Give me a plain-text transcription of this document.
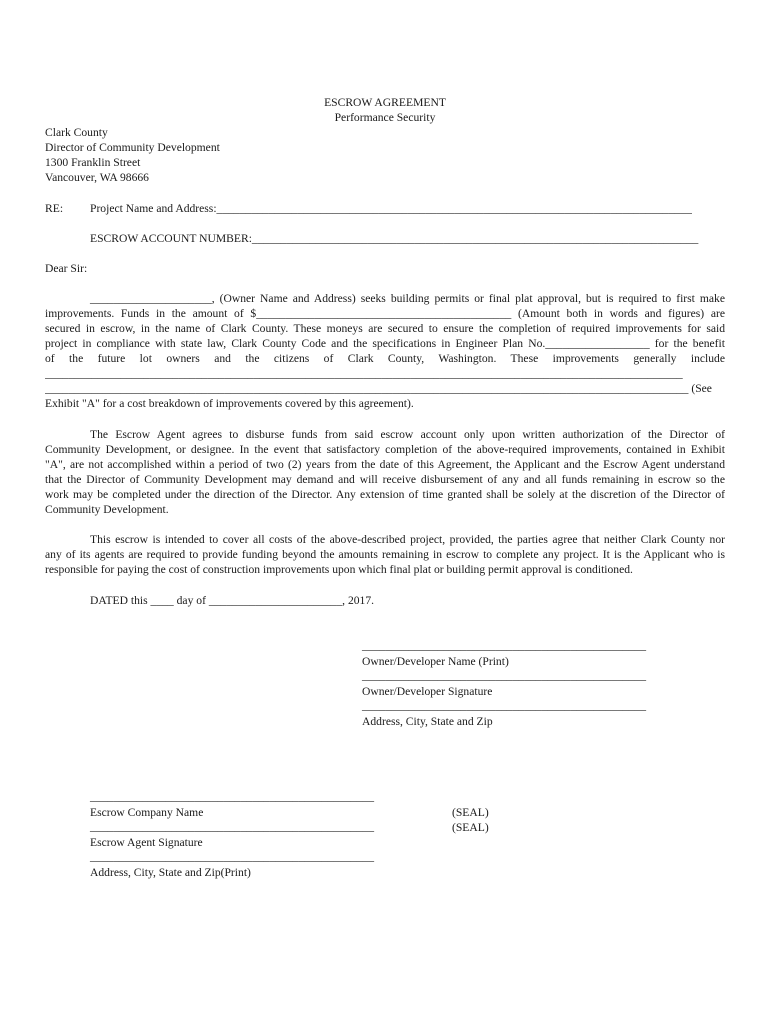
ESCROW AGREEMENT
Performance Security
Clark County
Director of Community Development
1300 Franklin Street
Vancouver, WA 98666
RE: Project Name and Address:__________________________________________________________________________________
ESCROW ACCOUNT NUMBER:_____________________________________________________________________________
Dear Sir:
_____________________, (Owner Name and Address) seeks building permits or final plat approval, but is required to first make
improvements. Funds in the amount of $____________________________________________ (Amount both in words and figures) are
secured in escrow, in the name of Clark County. These moneys are secured to ensure the completion of required improvements for said
project in compliance with state law, Clark County Code and the specifications in Engineer Plan No.__________________ for the benefit
of the future lot owners and the citizens of Clark County, Washington. These improvements generally include
______________________________________________________________________________________________________________
_______________________________________________________________________________________________________________ (See
Exhibit "A" for a cost breakdown of improvements covered by this agreement).
The Escrow Agent agrees to disburse funds from said escrow account only upon written authorization of the Director of
Community Development, or designee. In the event that satisfactory completion of the above-required improvements, contained in Exhibit
"A", are not accomplished within a period of two (2) years from the date of this Agreement, the Applicant and the Escrow Agent understand
that the Director of Community Development may demand and will receive disbursement of any and all funds remaining in escrow so the
work may be completed under the direction of the Director. Any extension of time granted shall be solely at the discretion of the Director of
Community Development.
This escrow is intended to cover all costs of the above-described project, provided, the parties agree that neither Clark County nor
any of its agents are required to provide funding beyond the amounts remaining in escrow to complete any project. It is the Applicant who is
responsible for paying the cost of construction improvements upon which final plat or building permit approval is conditioned.
DATED this ____ day of _______________________, 2017.
_________________________________________________
Owner/Developer Name (Print)
_________________________________________________
Owner/Developer Signature
_________________________________________________
Address, City, State and Zip
_________________________________________________
Escrow Company Name
_________________________________________________
Escrow Agent Signature
_________________________________________________
Address, City, State and Zip(Print)
(SEAL)
(SEAL)
